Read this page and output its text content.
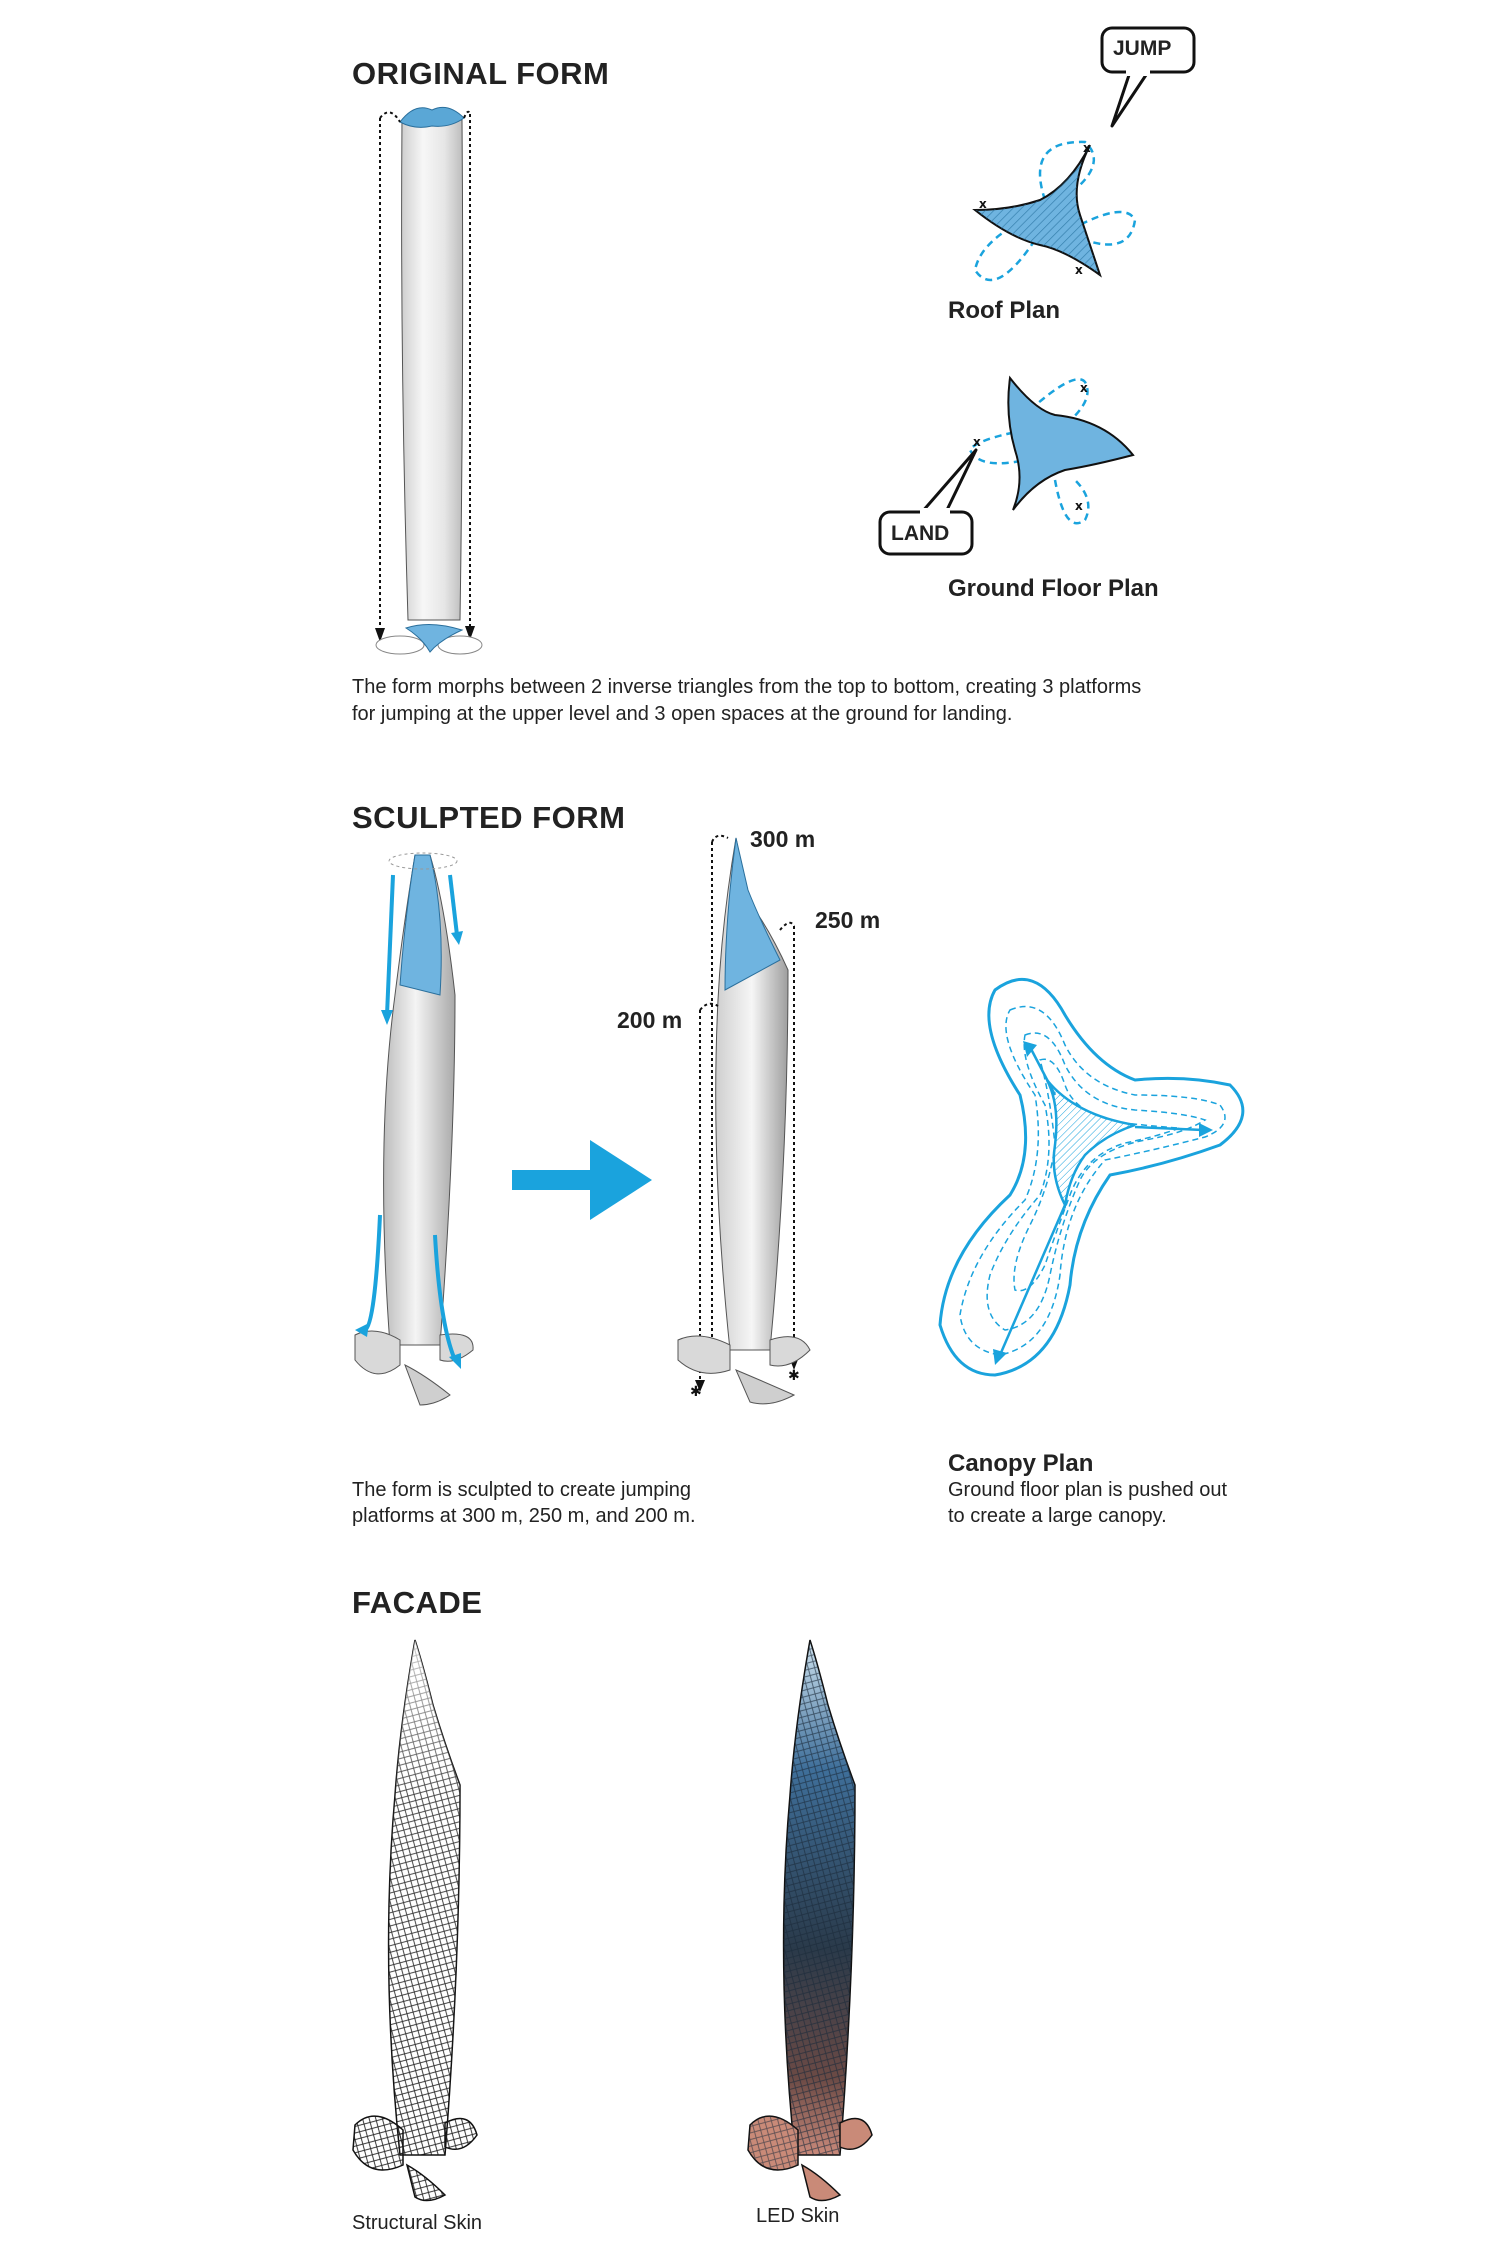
ORIGINAL FORM
x
x
x
JUMP
Roof Plan
x
x
x
LAND
Ground Floor Plan
The form morphs between 2 inverse triangles from the top to bottom, creating 3 platforms
for jumping at the upper level and 3 open spaces at the ground for landing.
SCULPTED FORM
✱
✱
300 m
250 m
200 m
The form is sculpted to create jumping
platforms at 300 m, 250 m, and 200 m.
Canopy Plan
Ground floor plan is pushed out
to create a large canopy.
FACADE
Structural Skin	LED Skin
